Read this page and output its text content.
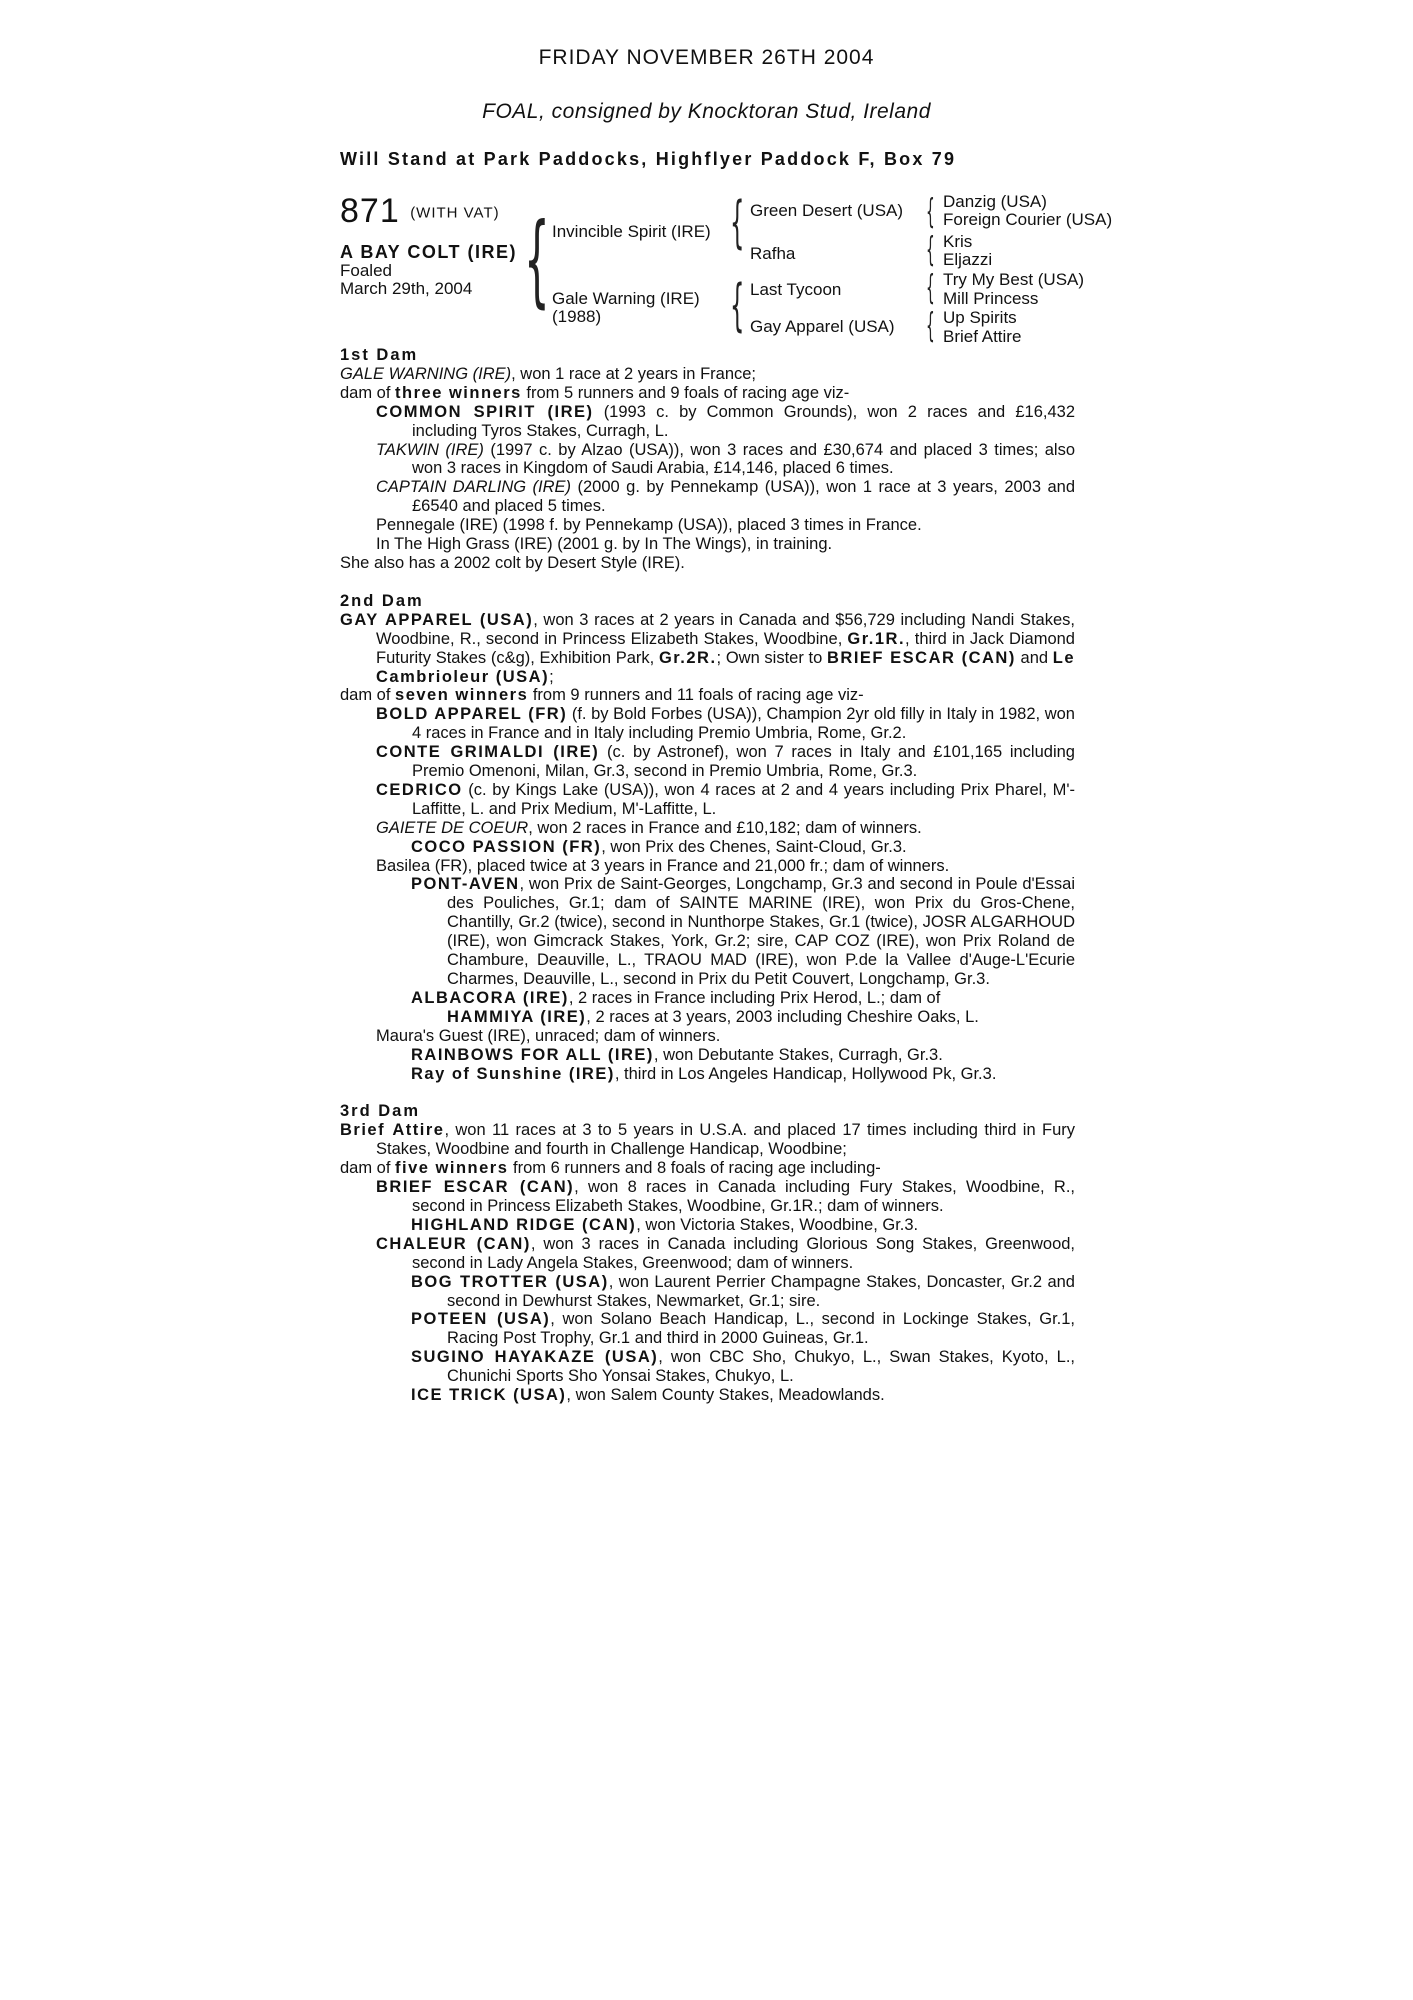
FRIDAY NOVEMBER 26TH 2004
FOAL, consigned by Knocktoran Stud, Ireland
Will Stand at Park Paddocks, Highflyer Paddock F, Box 79
871 (WITH VAT)
A BAY COLT (IRE)
Foaled
March 29th, 2004 { Invincible Spirit (IRE)
Gale Warning (IRE)
(1988)
{ Green Desert (USA)
Rafha
{ Last Tycoon
Gay Apparel (USA)
{
{
{
{
Danzig (USA)
Foreign Courier (USA)
Kris
Eljazzi
Try My Best (USA)
Mill Princess
Up Spirits
Brief Attire

1st Dam

GALE WARNING (IRE), won 1 race at 2 years in France;

dam of three winners from 5 runners and 9 foals of racing age viz-

COMMON SPIRIT (IRE) (1993 c. by Common Grounds), won 2 races and £16,432 including Tyros Stakes, Curragh, L.

TAKWIN (IRE) (1997 c. by Alzao (USA)), won 3 races and £30,674 and placed 3 times; also won 3 races in Kingdom of Saudi Arabia, £14,146, placed 6 times.

CAPTAIN DARLING (IRE) (2000 g. by Pennekamp (USA)), won 1 race at 3 years, 2003 and £6540 and placed 5 times.

Pennegale (IRE) (1998 f. by Pennekamp (USA)), placed 3 times in France.

In The High Grass (IRE) (2001 g. by In The Wings), in training.

She also has a 2002 colt by Desert Style (IRE).

2nd Dam

GAY APPAREL (USA), won 3 races at 2 years in Canada and $56,729 including Nandi Stakes, Woodbine, R., second in Princess Elizabeth Stakes, Woodbine, Gr.1R., third in Jack Diamond Futurity Stakes (c&g), Exhibition Park, Gr.2R.; Own sister to BRIEF ESCAR (CAN) and Le Cambrioleur (USA);

dam of seven winners from 9 runners and 11 foals of racing age viz-

BOLD APPAREL (FR) (f. by Bold Forbes (USA)), Champion 2yr old filly in Italy in 1982, won 4 races in France and in Italy including Premio Umbria, Rome, Gr.2.

CONTE GRIMALDI (IRE) (c. by Astronef), won 7 races in Italy and £101,165 including Premio Omenoni, Milan, Gr.3, second in Premio Umbria, Rome, Gr.3.

CEDRICO (c. by Kings Lake (USA)), won 4 races at 2 and 4 years including Prix Pharel, M'-Laffitte, L. and Prix Medium, M'-Laffitte, L.

GAIETE DE COEUR, won 2 races in France and £10,182; dam of winners.

COCO PASSION (FR), won Prix des Chenes, Saint-Cloud, Gr.3.

Basilea (FR), placed twice at 3 years in France and 21,000 fr.; dam of winners.

PONT-AVEN, won Prix de Saint-Georges, Longchamp, Gr.3 and second in Poule d'Essai des Pouliches, Gr.1; dam of SAINTE MARINE (IRE), won Prix du Gros-Chene, Chantilly, Gr.2 (twice), second in Nunthorpe Stakes, Gr.1 (twice), JOSR ALGARHOUD (IRE), won Gimcrack Stakes, York, Gr.2; sire, CAP COZ (IRE), won Prix Roland de Chambure, Deauville, L., TRAOU MAD (IRE), won P.de la Vallee d'Auge-L'Ecurie Charmes, Deauville, L., second in Prix du Petit Couvert, Longchamp, Gr.3.

ALBACORA (IRE), 2 races in France including Prix Herod, L.; dam of

HAMMIYA (IRE), 2 races at 3 years, 2003 including Cheshire Oaks, L.

Maura's Guest (IRE), unraced; dam of winners.

RAINBOWS FOR ALL (IRE), won Debutante Stakes, Curragh, Gr.3.

Ray of Sunshine (IRE), third in Los Angeles Handicap, Hollywood Pk, Gr.3.

3rd Dam

Brief Attire, won 11 races at 3 to 5 years in U.S.A. and placed 17 times including third in Fury Stakes, Woodbine and fourth in Challenge Handicap, Woodbine;

dam of five winners from 6 runners and 8 foals of racing age including-

BRIEF ESCAR (CAN), won 8 races in Canada including Fury Stakes, Woodbine, R., second in Princess Elizabeth Stakes, Woodbine, Gr.1R.; dam of winners.

HIGHLAND RIDGE (CAN), won Victoria Stakes, Woodbine, Gr.3.

CHALEUR (CAN), won 3 races in Canada including Glorious Song Stakes, Greenwood, second in Lady Angela Stakes, Greenwood; dam of winners.

BOG TROTTER (USA), won Laurent Perrier Champagne Stakes, Doncaster, Gr.2 and second in Dewhurst Stakes, Newmarket, Gr.1; sire.

POTEEN (USA), won Solano Beach Handicap, L., second in Lockinge Stakes, Gr.1, Racing Post Trophy, Gr.1 and third in 2000 Guineas, Gr.1.

SUGINO HAYAKAZE (USA), won CBC Sho, Chukyo, L., Swan Stakes, Kyoto, L., Chunichi Sports Sho Yonsai Stakes, Chukyo, L.

ICE TRICK (USA), won Salem County Stakes, Meadowlands.
